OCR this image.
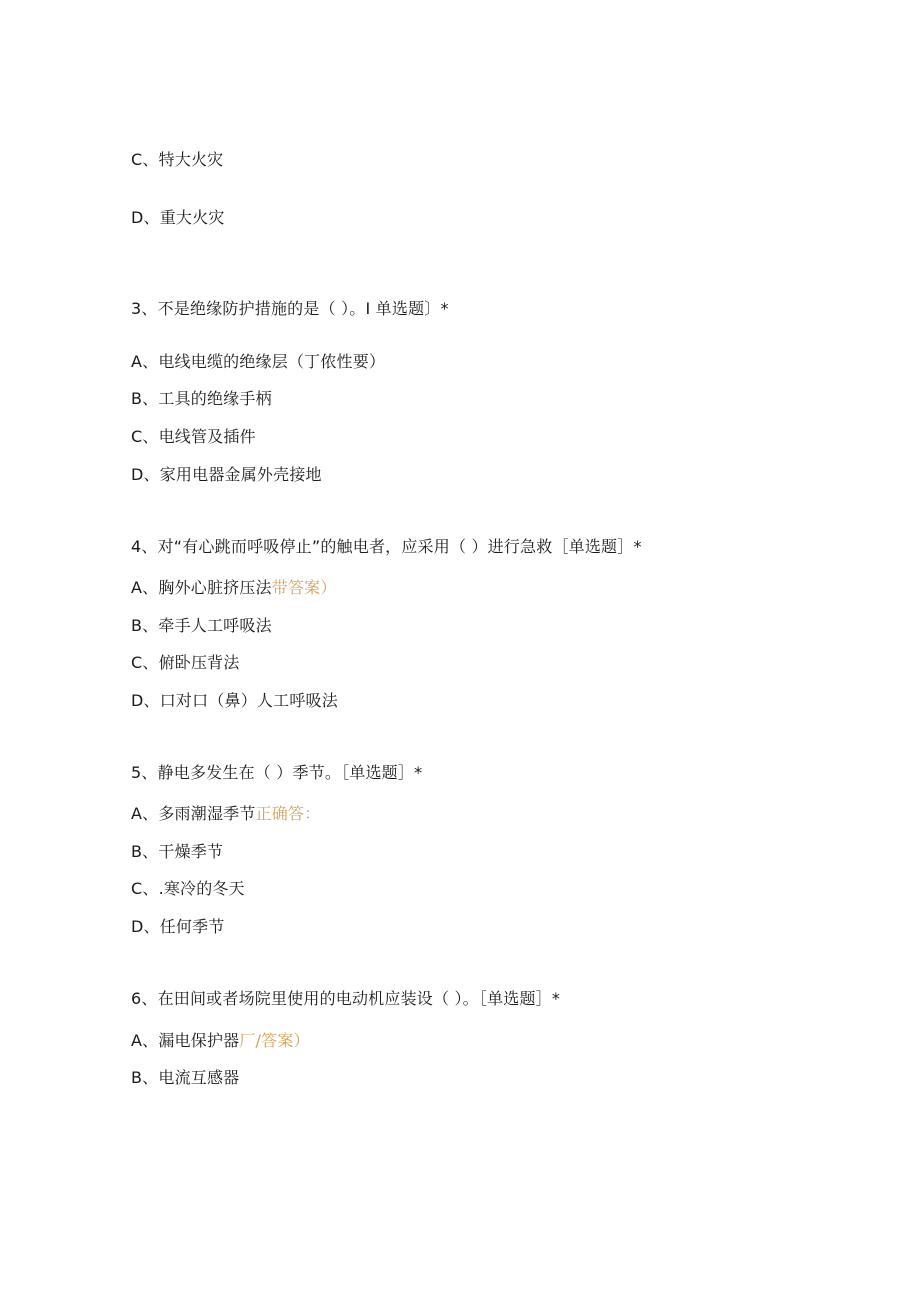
C、特大火灾
D、重大火灾
3、不是绝缘防护措施的是（ ）。I 单选题〕*
A、电线电缆的绝缘层（丁侬性要）
B、工具的绝缘手柄
C、电线管及插件
D、家用电器金属外壳接地
4、对“有心跳而呼吸停止”的触电者，应采用（ ）进行急救［单选题］*
A、胸外心脏挤压法带答案）
B、牵手人工呼吸法
C、俯卧压背法
D、口对口（鼻）人工呼吸法
5、静电多发生在（ ）季节。［单选题］*
A、多雨潮湿季节正确答：
B、干燥季节
C、.寒冷的冬天
D、任何季节
6、在田间或者场院里使用的电动机应装设（ ）。［单选题］*
A、漏电保护器厂/答案）
B、电流互感器
